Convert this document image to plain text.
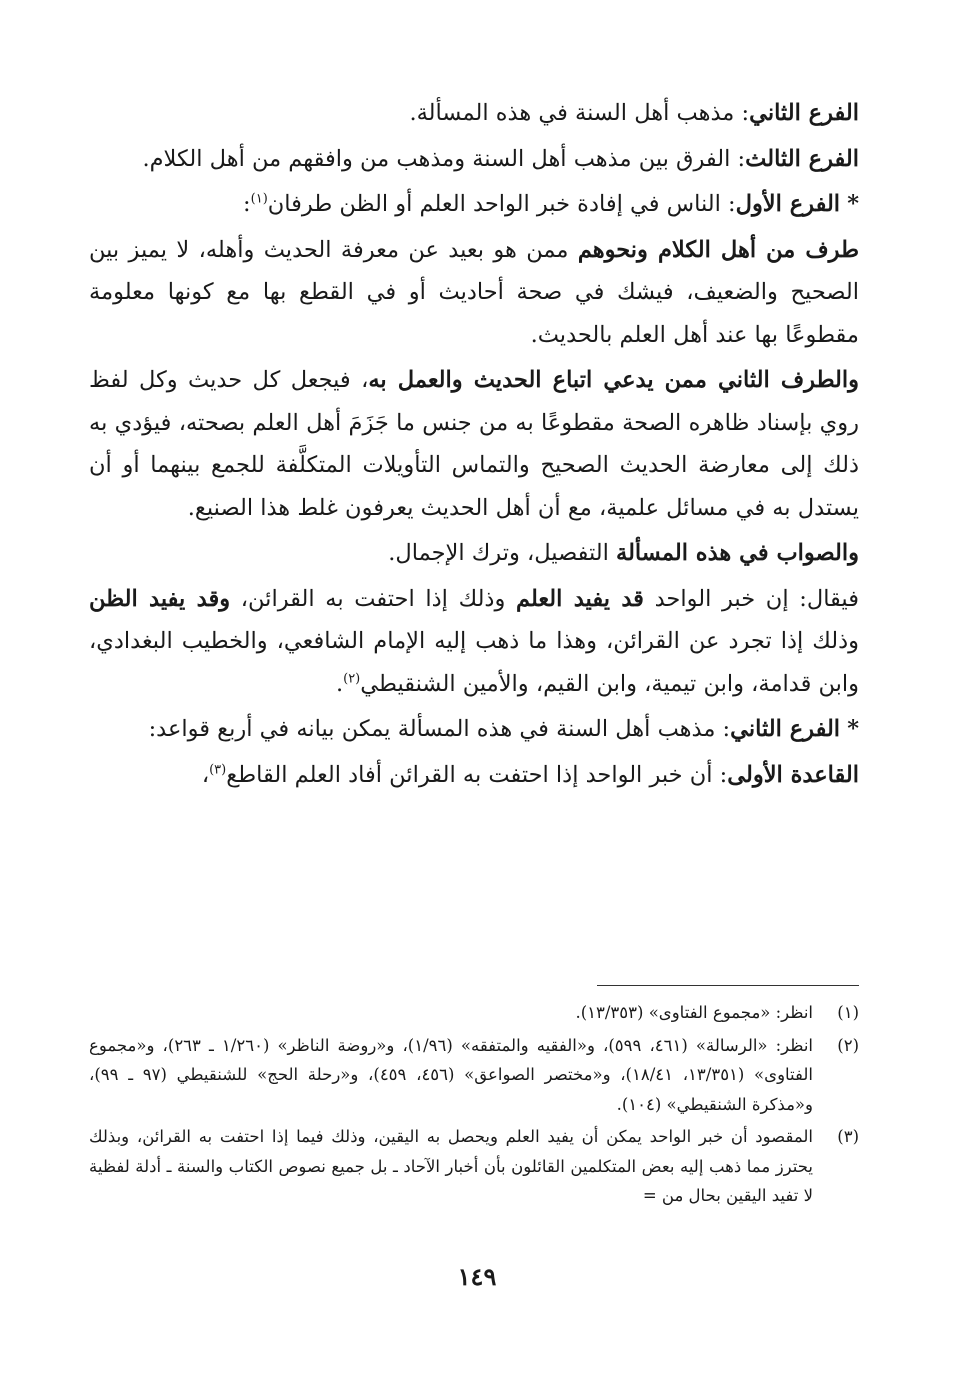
الفرع الثاني: مذهب أهل السنة في هذه المسألة.

الفرع الثالث: الفرق بين مذهب أهل السنة ومذهب من وافقهم من أهل الكلام.

* الفرع الأول: الناس في إفادة خبر الواحد العلم أو الظن طرفان$^{(١)}$:

طرف من أهل الكلام ونحوهم ممن هو بعيد عن معرفة الحديث وأهله، لا يميز بين الصحيح والضعيف، فيشك في صحة أحاديث أو في القطع بها مع كونها معلومة مقطوعًا بها عند أهل العلم بالحديث.

والطرف الثاني ممن يدعي اتباع الحديث والعمل به، فيجعل كل حديث وكل لفظ روي بإسناد ظاهره الصحة مقطوعًا به من جنس ما جَزَمَ أهل العلم بصحته، فيؤدي به ذلك إلى معارضة الحديث الصحيح والتماس التأويلات المتكلَّفة للجمع بينهما أو أن يستدل به في مسائل علمية، مع أن أهل الحديث يعرفون غلط هذا الصنيع.

والصواب في هذه المسألة التفصيل، وترك الإجمال.

فيقال: إن خبر الواحد قد يفيد العلم وذلك إذا احتفت به القرائن، وقد يفيد الظن وذلك إذا تجرد عن القرائن، وهذا ما ذهب إليه الإمام الشافعي، والخطيب البغدادي، وابن قدامة، وابن تيمية، وابن القيم، والأمين الشنقيطي$^{(٢)}$.

* الفرع الثاني: مذهب أهل السنة في هذه المسألة يمكن بيانه في أربع قواعد:

القاعدة الأولى: أن خبر الواحد إذا احتفت به القرائن أفاد العلم القاطع$^{(٣)}$،

(١)
انظر: «مجموع الفتاوى» (١٣/٣٥٣).
(٢)
انظر: «الرسالة» (٤٦١، ٥٩٩)، و«الفقيه والمتفقه» (١/٩٦)، و«روضة الناظر» (١/٢٦٠ ـ ٢٦٣)، و«مجموع الفتاوى» (١٣/٣٥١، ١٨/٤١)، و«مختصر الصواعق» (٤٥٦، ٤٥٩)، و«رحلة الحج» للشنقيطي (٩٧ ـ ٩٩)، و«مذكرة الشنقيطي» (١٠٤).
(٣)
المقصود أن خبر الواحد يمكن أن يفيد العلم ويحصل به اليقين، وذلك فيما إذا احتفت به القرائن، وبذلك يحترز مما ذهب إليه بعض المتكلمين القائلون بأن أخبار الآحاد ـ بل جميع نصوص الكتاب والسنة ـ أدلة لفظية لا تفيد اليقين بحال من =
١٤٩
